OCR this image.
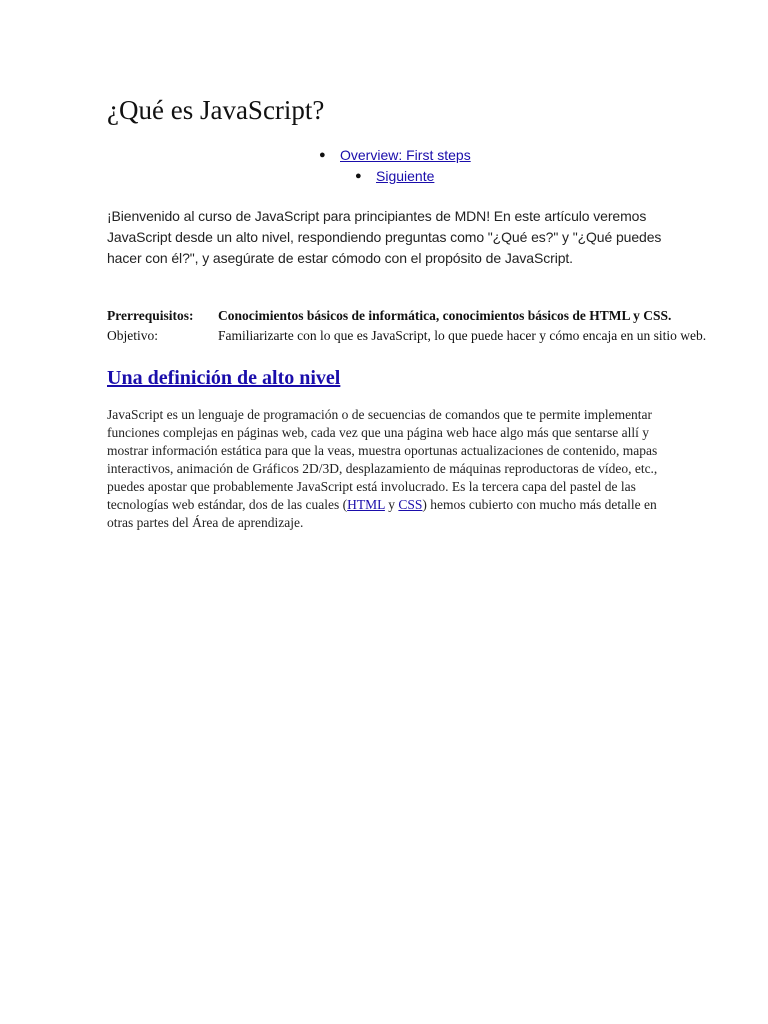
¿Qué es JavaScript?
● Overview: First steps
● Siguiente

¡Bienvenido al curso de JavaScript para principiantes de MDN! En este artículo veremos JavaScript desde un alto nivel, respondiendo preguntas como "¿Qué es?" y "¿Qué puedes hacer con él?", y asegúrate de estar cómodo con el propósito de JavaScript.

Prerrequisitos:	Conocimientos básicos de informática, conocimientos básicos de HTML y CSS.
Objetivo:	Familiarizarte con lo que es JavaScript, lo que puede hacer y cómo encaja en un sitio web.
Una definición de alto nivel

JavaScript es un lenguaje de programación o de secuencias de comandos que te permite implementar funciones complejas en páginas web, cada vez que una página web hace algo más que sentarse allí y mostrar información estática para que la veas, muestra oportunas actualizaciones de contenido, mapas interactivos, animación de Gráficos 2D/3D, desplazamiento de máquinas reproductoras de vídeo, etc., puedes apostar que probablemente JavaScript está involucrado. Es la tercera capa del pastel de las tecnologías web estándar, dos de las cuales (HTML y CSS) hemos cubierto con mucho más detalle en otras partes del Área de aprendizaje.
